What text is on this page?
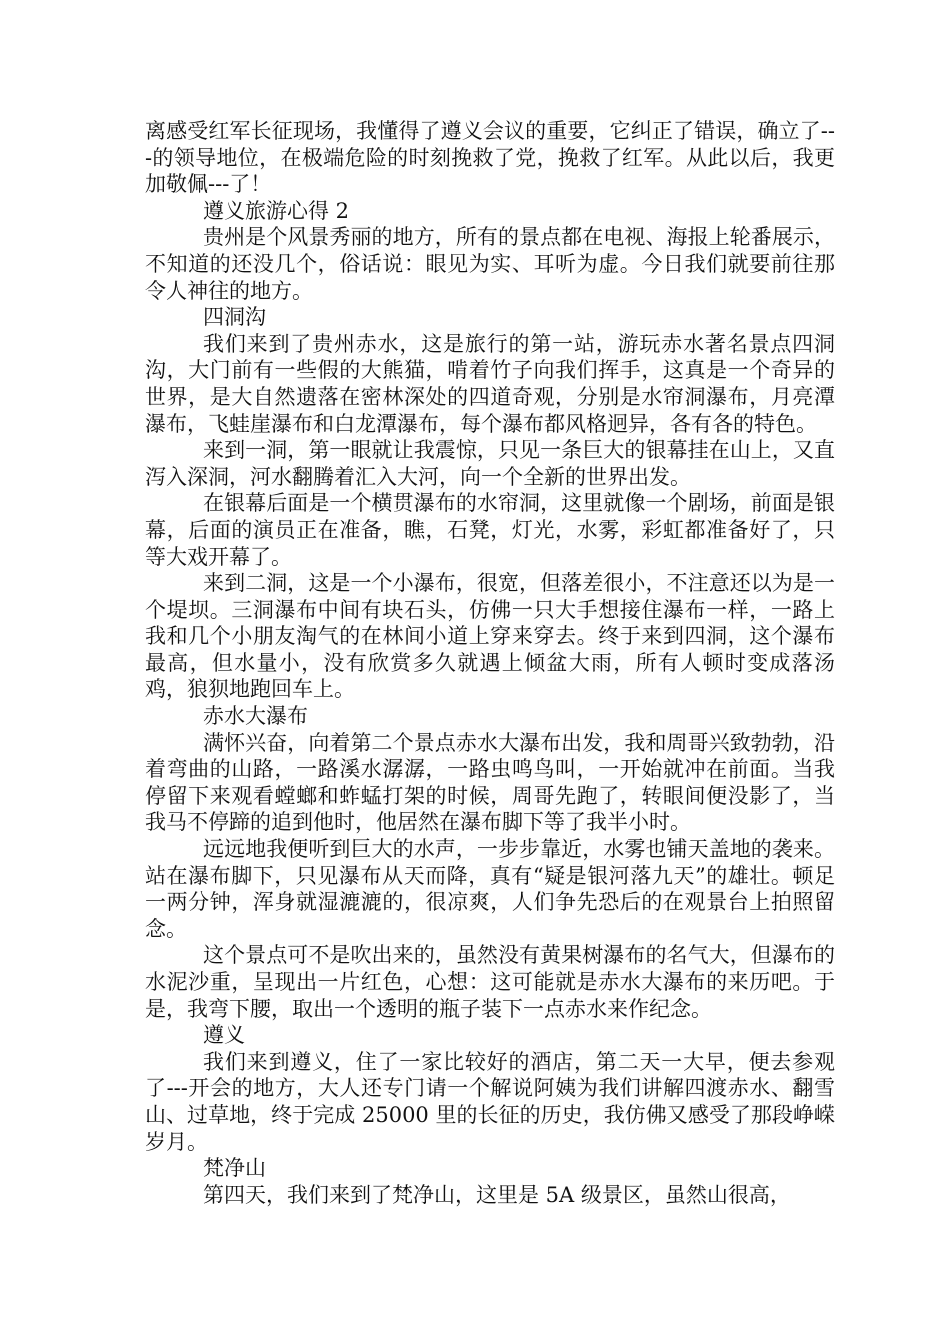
离感受红军长征现场，我懂得了遵义会议的重要，它纠正了错误，确立了---的领导地位，在极端危险的时刻挽救了党，挽救了红军。从此以后，我更加敬佩---了！

遵义旅游心得 2

贵州是个风景秀丽的地方，所有的景点都在电视、海报上轮番展示，不知道的还没几个，俗话说：眼见为实、耳听为虚。今日我们就要前往那令人神往的地方。

四洞沟

我们来到了贵州赤水，这是旅行的第一站，游玩赤水著名景点四洞沟，大门前有一些假的大熊猫，啃着竹子向我们挥手，这真是一个奇异的世界，是大自然遗落在密林深处的四道奇观，分别是水帘洞瀑布，月亮潭瀑布，飞蛙崖瀑布和白龙潭瀑布，每个瀑布都风格迥异，各有各的特色。

来到一洞，第一眼就让我震惊，只见一条巨大的银幕挂在山上，又直泻入深洞，河水翻腾着汇入大河，向一个全新的世界出发。

在银幕后面是一个横贯瀑布的水帘洞，这里就像一个剧场，前面是银幕，后面的演员正在准备，瞧，石凳，灯光，水雾，彩虹都准备好了，只等大戏开幕了。

来到二洞，这是一个小瀑布，很宽，但落差很小，不注意还以为是一个堤坝。三洞瀑布中间有块石头，仿佛一只大手想接住瀑布一样，一路上我和几个小朋友淘气的在林间小道上穿来穿去。终于来到四洞，这个瀑布最高，但水量小，没有欣赏多久就遇上倾盆大雨，所有人顿时变成落汤鸡，狼狈地跑回车上。

赤水大瀑布

满怀兴奋，向着第二个景点赤水大瀑布出发，我和周哥兴致勃勃，沿着弯曲的山路，一路溪水潺潺，一路虫鸣鸟叫，一开始就冲在前面。当我停留下来观看螳螂和蚱蜢打架的时候，周哥先跑了，转眼间便没影了，当我马不停蹄的追到他时，他居然在瀑布脚下等了我半小时。

远远地我便听到巨大的水声，一步步靠近，水雾也铺天盖地的袭来。站在瀑布脚下，只见瀑布从天而降，真有“疑是银河落九天”的雄壮。顿足一两分钟，浑身就湿漉漉的，很凉爽，人们争先恐后的在观景台上拍照留念。

这个景点可不是吹出来的，虽然没有黄果树瀑布的名气大，但瀑布的水泥沙重，呈现出一片红色，心想：这可能就是赤水大瀑布的来历吧。于是，我弯下腰，取出一个透明的瓶子装下一点赤水来作纪念。

遵义

我们来到遵义，住了一家比较好的酒店，第二天一大早，便去参观了---开会的地方，大人还专门请一个解说阿姨为我们讲解四渡赤水、翻雪山、过草地，终于完成 25000 里的长征的历史，我仿佛又感受了那段峥嵘岁月。

梵净山

第四天，我们来到了梵净山，这里是 5A 级景区，虽然山很高，
